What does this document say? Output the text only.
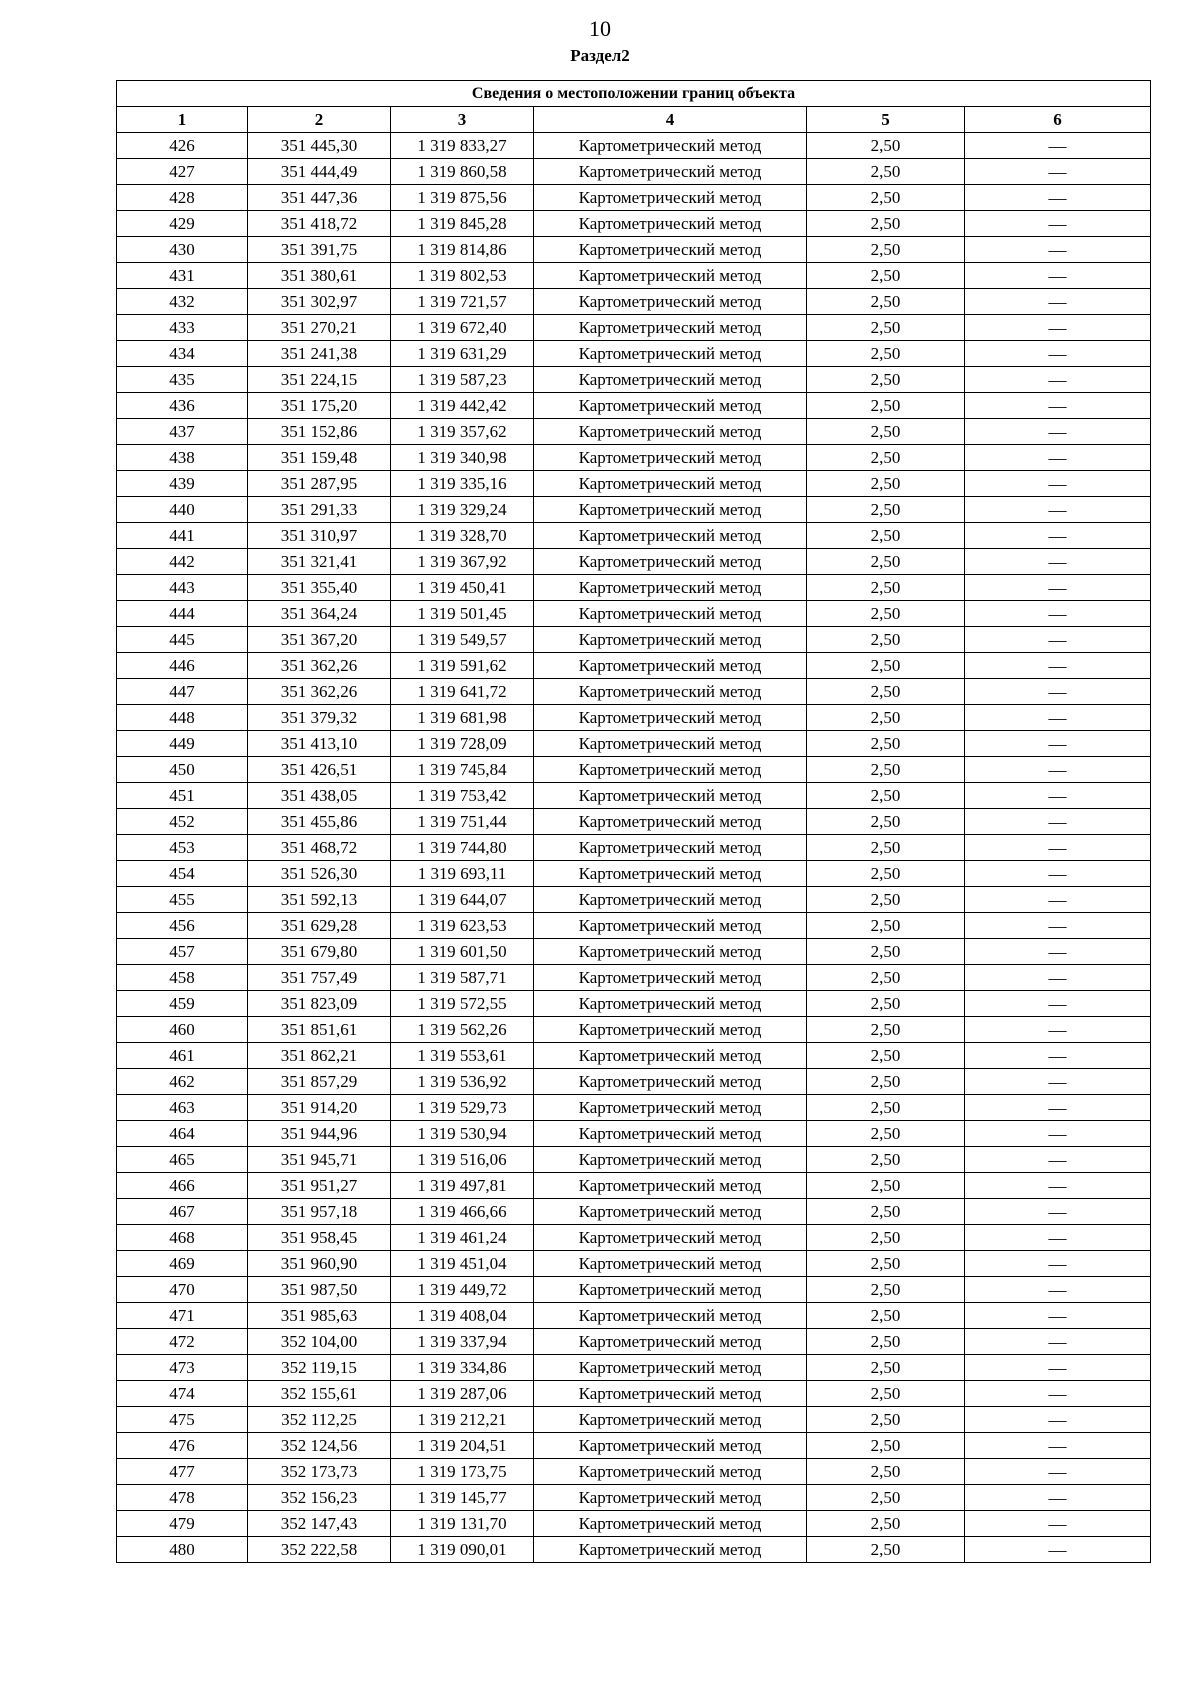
10
Раздел2
Сведения о местоположении границ объекта					
1	2	3	4	5	6
426	351 445,30	1 319 833,27	Картометрический метод	2,50	—
427	351 444,49	1 319 860,58	Картометрический метод	2,50	—
428	351 447,36	1 319 875,56	Картометрический метод	2,50	—
429	351 418,72	1 319 845,28	Картометрический метод	2,50	—
430	351 391,75	1 319 814,86	Картометрический метод	2,50	—
431	351 380,61	1 319 802,53	Картометрический метод	2,50	—
432	351 302,97	1 319 721,57	Картометрический метод	2,50	—
433	351 270,21	1 319 672,40	Картометрический метод	2,50	—
434	351 241,38	1 319 631,29	Картометрический метод	2,50	—
435	351 224,15	1 319 587,23	Картометрический метод	2,50	—
436	351 175,20	1 319 442,42	Картометрический метод	2,50	—
437	351 152,86	1 319 357,62	Картометрический метод	2,50	—
438	351 159,48	1 319 340,98	Картометрический метод	2,50	—
439	351 287,95	1 319 335,16	Картометрический метод	2,50	—
440	351 291,33	1 319 329,24	Картометрический метод	2,50	—
441	351 310,97	1 319 328,70	Картометрический метод	2,50	—
442	351 321,41	1 319 367,92	Картометрический метод	2,50	—
443	351 355,40	1 319 450,41	Картометрический метод	2,50	—
444	351 364,24	1 319 501,45	Картометрический метод	2,50	—
445	351 367,20	1 319 549,57	Картометрический метод	2,50	—
446	351 362,26	1 319 591,62	Картометрический метод	2,50	—
447	351 362,26	1 319 641,72	Картометрический метод	2,50	—
448	351 379,32	1 319 681,98	Картометрический метод	2,50	—
449	351 413,10	1 319 728,09	Картометрический метод	2,50	—
450	351 426,51	1 319 745,84	Картометрический метод	2,50	—
451	351 438,05	1 319 753,42	Картометрический метод	2,50	—
452	351 455,86	1 319 751,44	Картометрический метод	2,50	—
453	351 468,72	1 319 744,80	Картометрический метод	2,50	—
454	351 526,30	1 319 693,11	Картометрический метод	2,50	—
455	351 592,13	1 319 644,07	Картометрический метод	2,50	—
456	351 629,28	1 319 623,53	Картометрический метод	2,50	—
457	351 679,80	1 319 601,50	Картометрический метод	2,50	—
458	351 757,49	1 319 587,71	Картометрический метод	2,50	—
459	351 823,09	1 319 572,55	Картометрический метод	2,50	—
460	351 851,61	1 319 562,26	Картометрический метод	2,50	—
461	351 862,21	1 319 553,61	Картометрический метод	2,50	—
462	351 857,29	1 319 536,92	Картометрический метод	2,50	—
463	351 914,20	1 319 529,73	Картометрический метод	2,50	—
464	351 944,96	1 319 530,94	Картометрический метод	2,50	—
465	351 945,71	1 319 516,06	Картометрический метод	2,50	—
466	351 951,27	1 319 497,81	Картометрический метод	2,50	—
467	351 957,18	1 319 466,66	Картометрический метод	2,50	—
468	351 958,45	1 319 461,24	Картометрический метод	2,50	—
469	351 960,90	1 319 451,04	Картометрический метод	2,50	—
470	351 987,50	1 319 449,72	Картометрический метод	2,50	—
471	351 985,63	1 319 408,04	Картометрический метод	2,50	—
472	352 104,00	1 319 337,94	Картометрический метод	2,50	—
473	352 119,15	1 319 334,86	Картометрический метод	2,50	—
474	352 155,61	1 319 287,06	Картометрический метод	2,50	—
475	352 112,25	1 319 212,21	Картометрический метод	2,50	—
476	352 124,56	1 319 204,51	Картометрический метод	2,50	—
477	352 173,73	1 319 173,75	Картометрический метод	2,50	—
478	352 156,23	1 319 145,77	Картометрический метод	2,50	—
479	352 147,43	1 319 131,70	Картометрический метод	2,50	—
480	352 222,58	1 319 090,01	Картометрический метод	2,50	—
